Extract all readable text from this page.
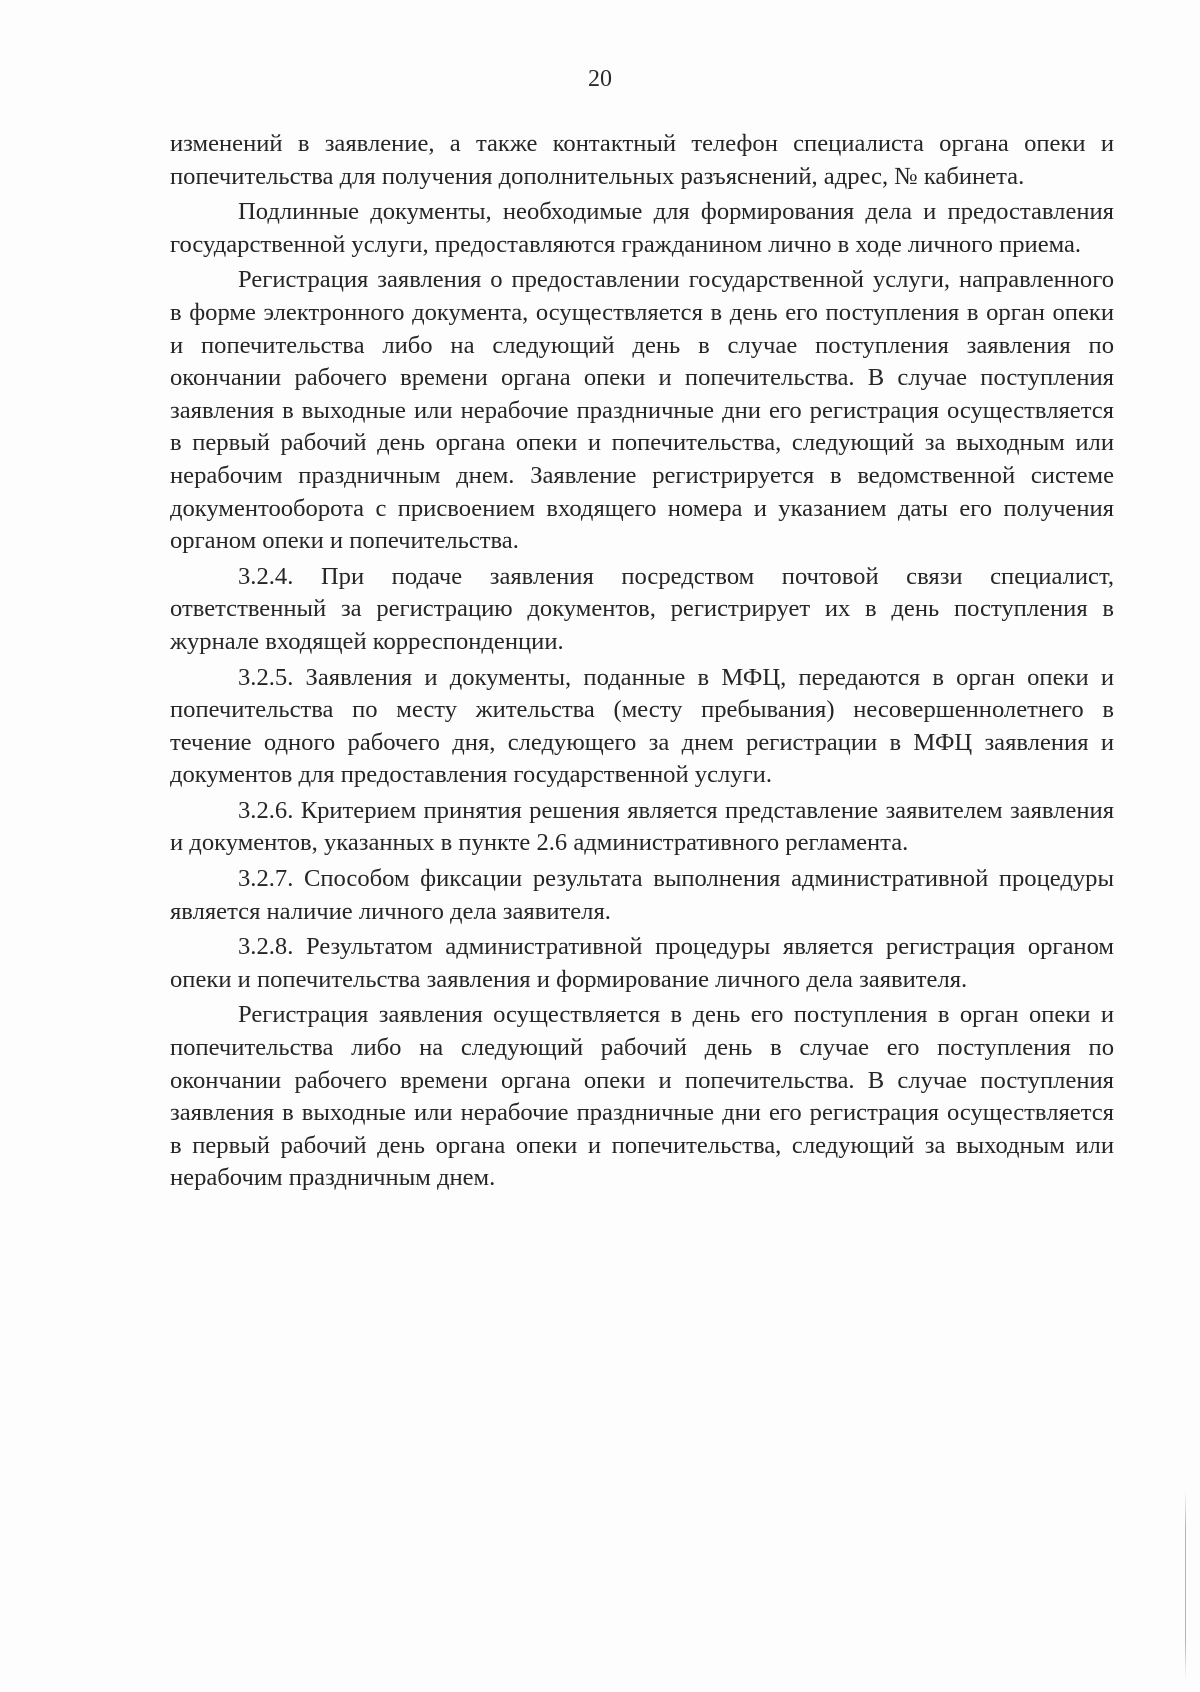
20

изменений в заявление, а также контактный телефон специалиста органа опеки и попечительства для получения дополнительных разъяснений, адрес, № кабинета.

Подлинные документы, необходимые для формирования дела и предоставления государственной услуги, предоставляются гражданином лично в ходе личного приема.

Регистрация заявления о предоставлении государственной услуги, направленного в форме электронного документа, осуществляется в день его поступления в орган опеки и попечительства либо на следующий день в случае поступления заявления по окончании рабочего времени органа опеки и попечительства. В случае поступления заявления в выходные или нерабочие праздничные дни его регистрация осуществляется в первый рабочий день органа опеки и попечительства, следующий за выходным или нерабочим праздничным днем. Заявление регистрируется в ведомственной системе документооборота с присвоением входящего номера и указанием даты его получения органом опеки и попечительства.

3.2.4. При подаче заявления посредством почтовой связи специалист, ответственный за регистрацию документов, регистрирует их в день поступления в журнале входящей корреспонденции.

3.2.5. Заявления и документы, поданные в МФЦ, передаются в орган опеки и попечительства по месту жительства (месту пребывания) несовершеннолетнего в течение одного рабочего дня, следующего за днем регистрации в МФЦ заявления и документов для предоставления государственной услуги.

3.2.6. Критерием принятия решения является представление заявителем заявления и документов, указанных в пункте 2.6 административного регламента.

3.2.7. Способом фиксации результата выполнения административной процедуры является наличие личного дела заявителя.

3.2.8. Результатом административной процедуры является регистрация органом опеки и попечительства заявления и формирование личного дела заявителя.

Регистрация заявления осуществляется в день его поступления в орган опеки и попечительства либо на следующий рабочий день в случае его поступления по окончании рабочего времени органа опеки и попечительства. В случае поступления заявления в выходные или нерабочие праздничные дни его регистрация осуществляется в первый рабочий день органа опеки и попечительства, следующий за выходным или нерабочим праздничным днем.
